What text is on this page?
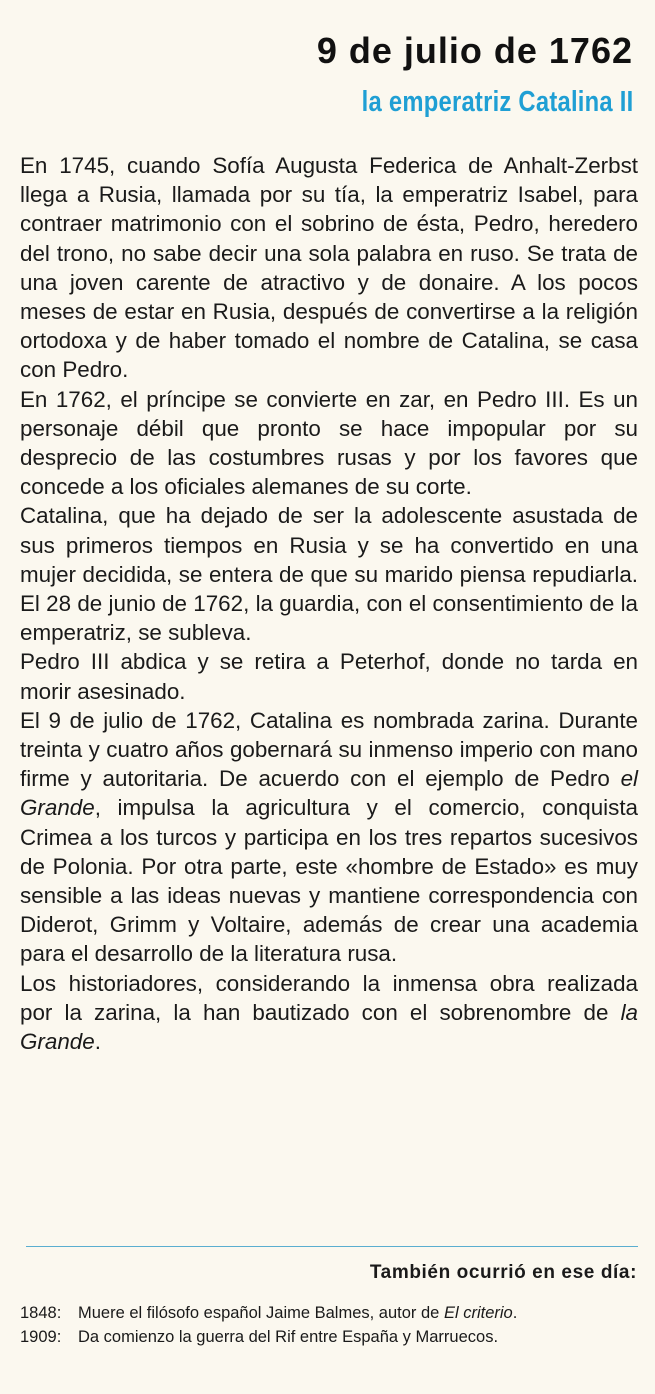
9 de julio de 1762
la emperatriz Catalina II

En 1745, cuando Sofía Augusta Federica de Anhalt-Zerbst llega a Rusia, llamada por su tía, la emperatriz Isabel, para contraer matrimonio con el sobrino de ésta, Pedro, heredero del trono, no sabe decir una sola palabra en ruso. Se trata de una joven carente de atractivo y de donaire. A los pocos meses de estar en Rusia, después de convertirse a la religión ortodoxa y de haber tomado el nombre de Catalina, se casa con Pedro.

En 1762, el príncipe se convierte en zar, en Pedro III. Es un personaje débil que pronto se hace impopular por su desprecio de las costumbres rusas y por los favores que concede a los oficiales alemanes de su corte.

Catalina, que ha dejado de ser la adolescente asustada de sus primeros tiempos en Rusia y se ha convertido en una mujer decidida, se entera de que su marido piensa repudiarla. El 28 de junio de 1762, la guardia, con el consentimiento de la emperatriz, se subleva.

Pedro III abdica y se retira a Peterhof, donde no tarda en morir asesinado.

El 9 de julio de 1762, Catalina es nombrada zarina. Durante treinta y cuatro años gobernará su inmenso imperio con mano firme y autoritaria. De acuerdo con el ejemplo de Pedro el Grande, impulsa la agricultura y el comercio, conquista Crimea a los turcos y participa en los tres repartos sucesivos de Polonia. Por otra parte, este «hombre de Estado» es muy sensible a las ideas nuevas y mantiene correspondencia con Diderot, Grimm y Voltaire, además de crear una academia para el desarrollo de la literatura rusa.

Los historiadores, considerando la inmensa obra realizada por la zarina, la han bautizado con el sobrenombre de la Grande.

También ocurrió en ese día:
1848:	Muere el filósofo español Jaime Balmes, autor de El criterio.
1909:	Da comienzo la guerra del Rif entre España y Marruecos.
